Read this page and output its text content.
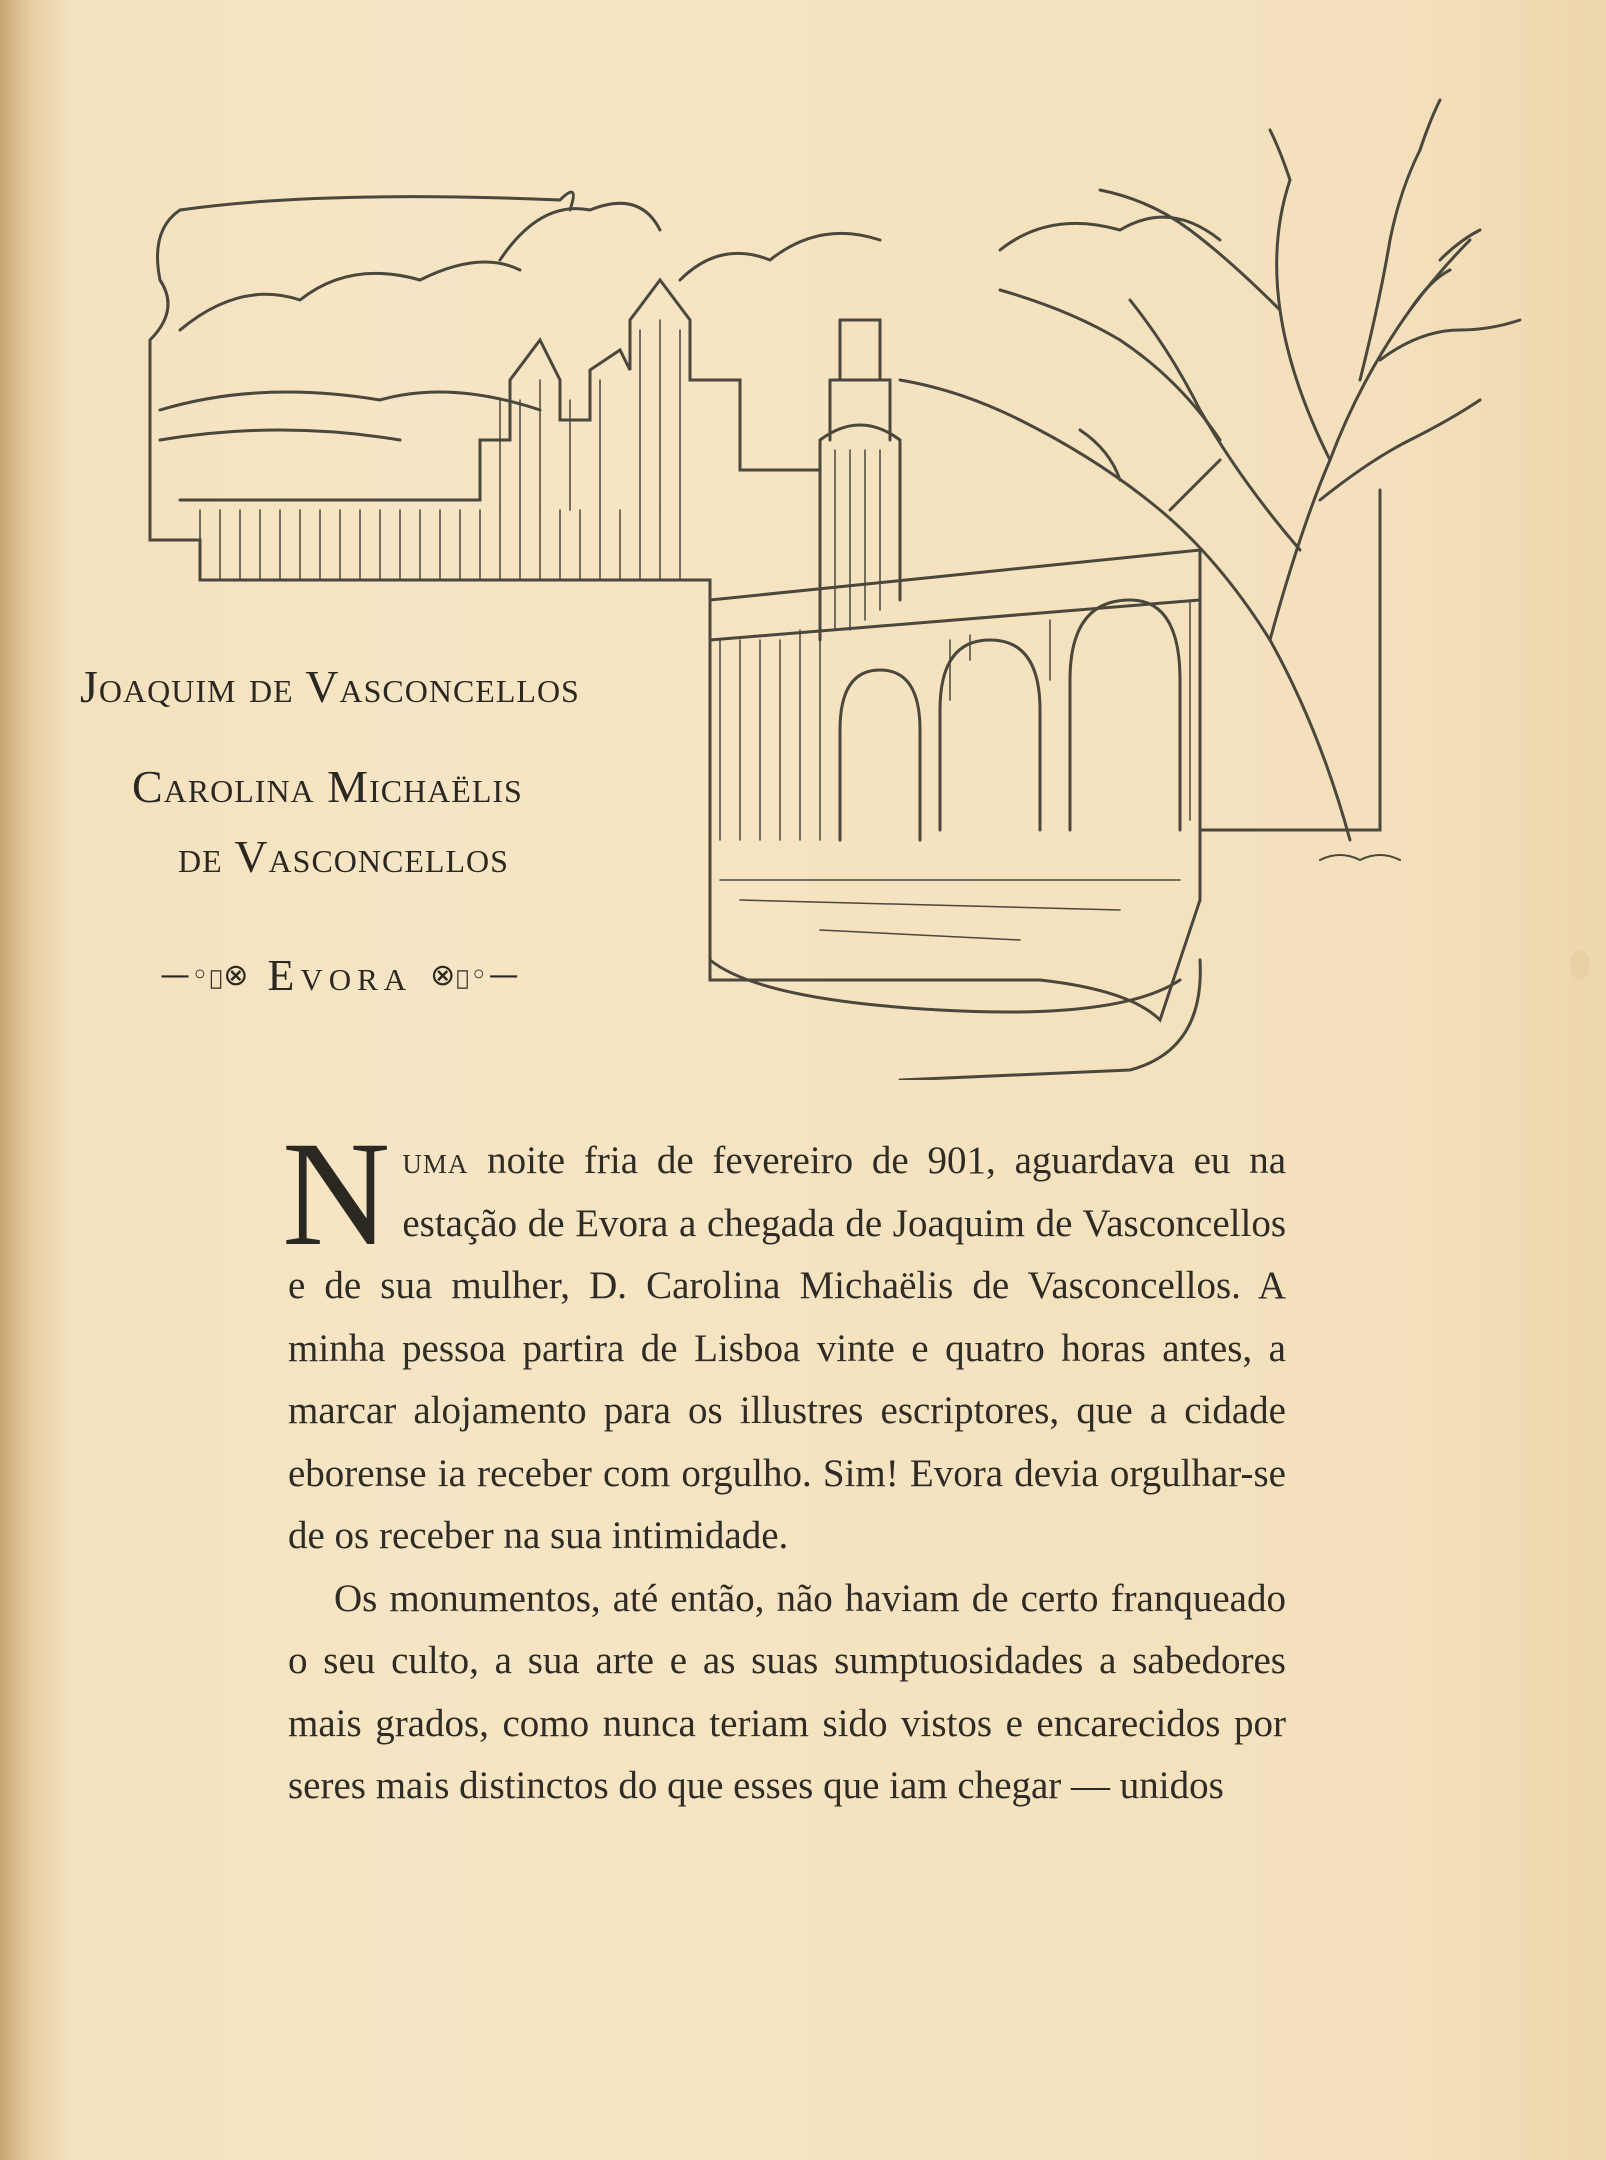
Joaquim de Vasconcellos
Carolina Michaëlis
de Vasconcellos
—◦ა⊗ Evora ⊗ი◦—

Numa noite fria de fevereiro de 901, aguardava eu na estação de Evora a chegada de Joaquim de Vasconcellos e de sua mulher, D. Carolina Michaëlis de Vasconcellos. A minha pessoa partira de Lisboa vinte e quatro horas antes, a marcar alojamento para os illustres escriptores, que a cidade eborense ia receber com orgulho. Sim! Evora devia orgulhar-se de os receber na sua intimidade.

Os monumentos, até então, não haviam de certo franqueado o seu culto, a sua arte e as suas sumptuosidades a sabedores mais grados, como nunca teriam sido vistos e encarecidos por seres mais distinctos do que esses que iam chegar — unidos
